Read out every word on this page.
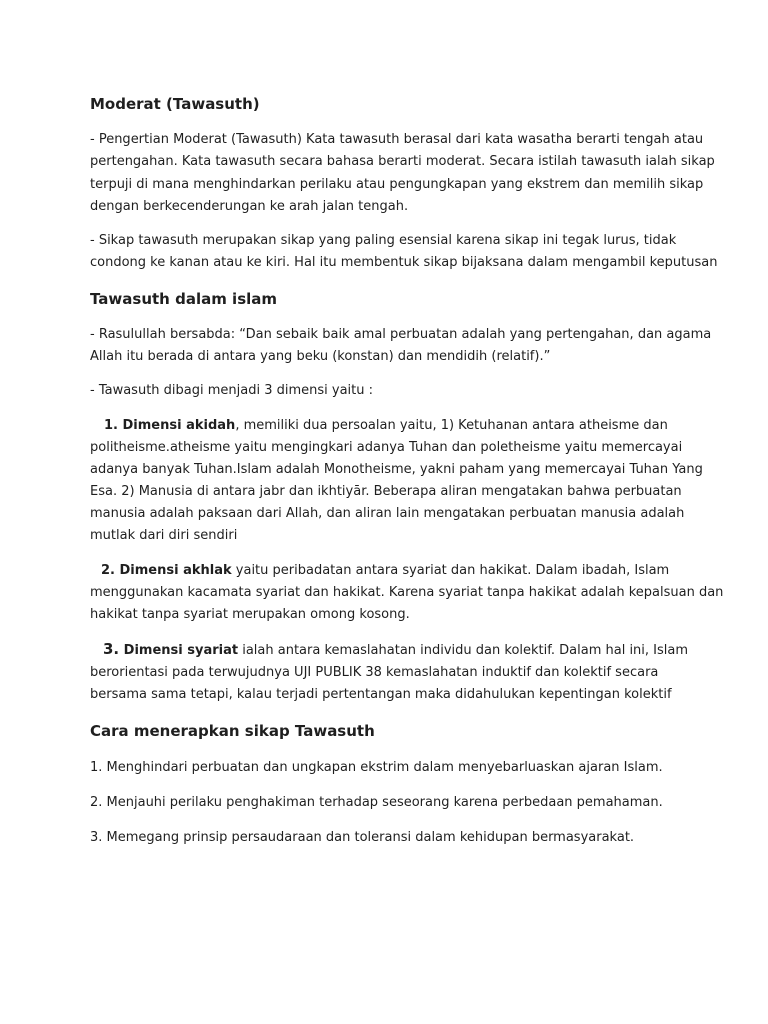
Moderat (Tawasuth)
- Pengertian Moderat (Tawasuth) Kata tawasuth berasal dari kata wasatha berarti tengah atau
pertengahan. Kata tawasuth secara bahasa berarti moderat. Secara istilah tawasuth ialah sikap
terpuji di mana menghindarkan perilaku atau pengungkapan yang ekstrem dan memilih sikap
dengan berkecenderungan ke arah jalan tengah.
- Sikap tawasuth merupakan sikap yang paling esensial karena sikap ini tegak lurus, tidak
condong ke kanan atau ke kiri. Hal itu membentuk sikap bijaksana dalam mengambil keputusan
Tawasuth dalam islam
- Rasulullah bersabda: “Dan sebaik baik amal perbuatan adalah yang pertengahan, dan agama
Allah itu berada di antara yang beku (konstan) dan mendidih (relatif).”
- Tawasuth dibagi menjadi 3 dimensi yaitu :
1. Dimensi akidah, memiliki dua persoalan yaitu, 1) Ketuhanan antara atheisme dan
politheisme.atheisme yaitu mengingkari adanya Tuhan dan poletheisme yaitu memercayai
adanya banyak Tuhan.Islam adalah Monotheisme, yakni paham yang memercayai Tuhan Yang
Esa. 2) Manusia di antara jabr dan ikhtiyār. Beberapa aliran mengatakan bahwa perbuatan
manusia adalah paksaan dari Allah, dan aliran lain mengatakan perbuatan manusia adalah
mutlak dari diri sendiri
2. Dimensi akhlak yaitu peribadatan antara syariat dan hakikat. Dalam ibadah, Islam
menggunakan kacamata syariat dan hakikat. Karena syariat tanpa hakikat adalah kepalsuan dan
hakikat tanpa syariat merupakan omong kosong.
3. Dimensi syariat ialah antara kemaslahatan individu dan kolektif. Dalam hal ini, Islam
berorientasi pada terwujudnya UJI PUBLIK 38 kemaslahatan induktif dan kolektif secara
bersama sama tetapi, kalau terjadi pertentangan maka didahulukan kepentingan kolektif
Cara menerapkan sikap Tawasuth
1. Menghindari perbuatan dan ungkapan ekstrim dalam menyebarluaskan ajaran Islam.
2. Menjauhi perilaku penghakiman terhadap seseorang karena perbedaan pemahaman.
3. Memegang prinsip persaudaraan dan toleransi dalam kehidupan bermasyarakat.
